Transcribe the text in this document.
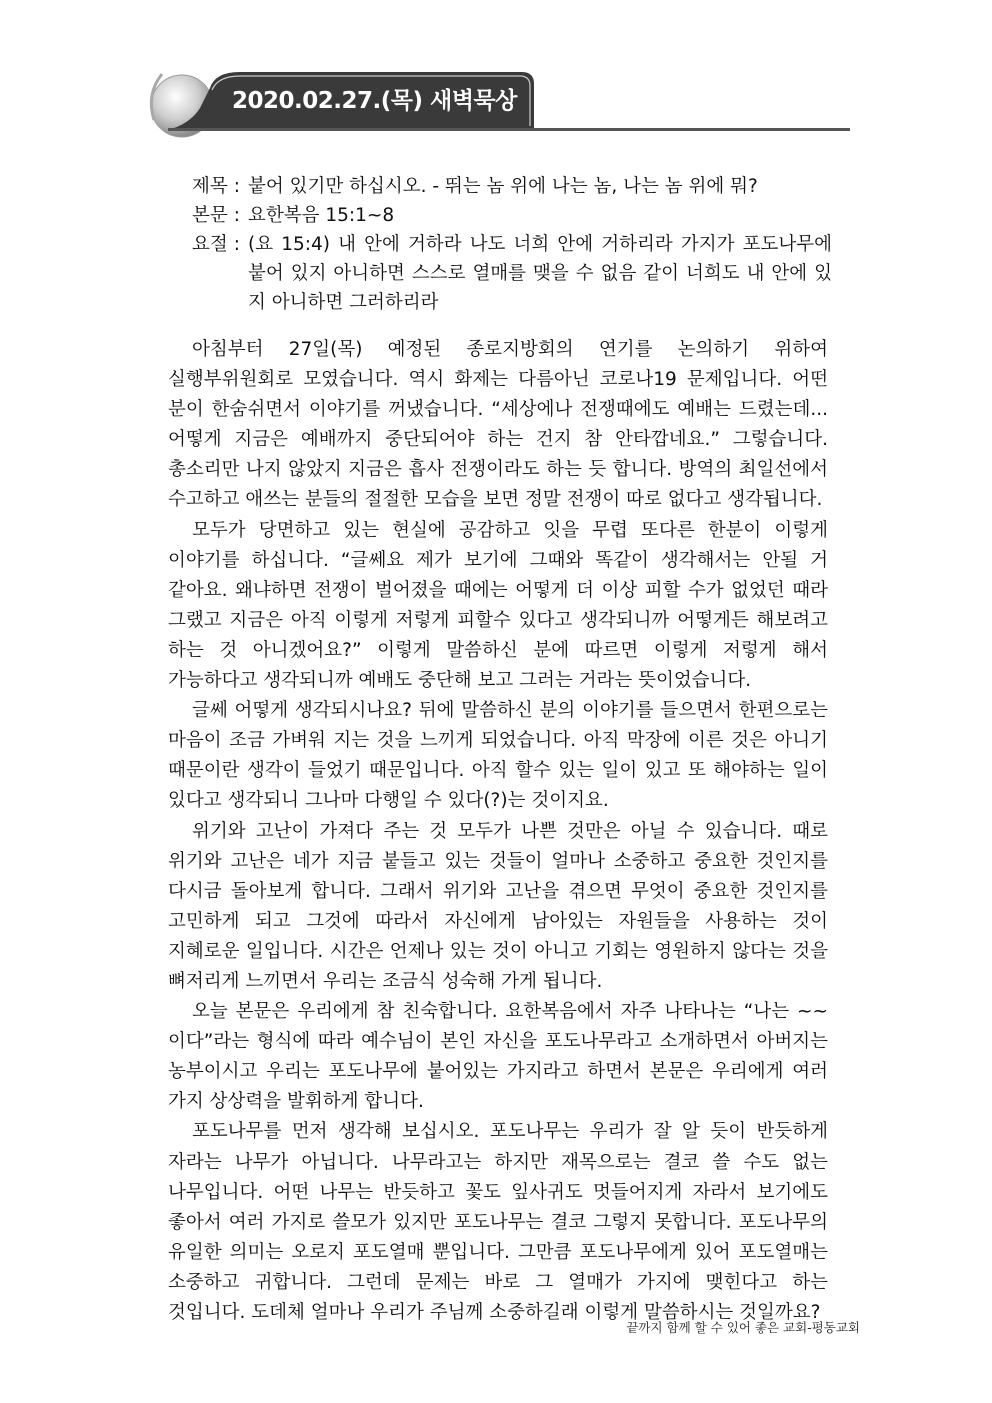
2020.02.27.(목) 새벽묵상
제목 : 붙어 있기만 하십시오. - 뛰는 놈 위에 나는 놈, 나는 놈 위에 뭐?
본문 : 요한복음 15:1~8
요절 : (요 15:4) 내 안에 거하라 나도 너희 안에 거하리라 가지가 포도나무에 붙어 있지 아니하면 스스로 열매를 맺을 수 없음 같이 너희도 내 안에 있지 아니하면 그러하리라

아침부터 27일(목) 예정된 종로지방회의 연기를 논의하기 위하여 실행부위원회로 모였습니다. 역시 화제는 다름아닌 코로나19 문제입니다. 어떤 분이 한숨쉬면서 이야기를 꺼냈습니다. “세상에나 전쟁때에도 예배는 드렸는데... 어떻게 지금은 예배까지 중단되어야 하는 건지 참 안타깝네요.” 그렇습니다. 총소리만 나지 않았지 지금은 흡사 전쟁이라도 하는 듯 합니다. 방역의 최일선에서 수고하고 애쓰는 분들의 절절한 모습을 보면 정말 전쟁이 따로 없다고 생각됩니다.

모두가 당면하고 있는 현실에 공감하고 잇을 무렵 또다른 한분이 이렇게 이야기를 하십니다. “글쎄요 제가 보기에 그때와 똑같이 생각해서는 안될 거 같아요. 왜냐하면 전쟁이 벌어졌을 때에는 어떻게 더 이상 피할 수가 없었던 때라 그랬고 지금은 아직 이렇게 저렇게 피할수 있다고 생각되니까 어떻게든 해보려고 하는 것 아니겠어요?” 이렇게 말씀하신 분에 따르면 이렇게 저렇게 해서 가능하다고 생각되니까 예배도 중단해 보고 그러는 거라는 뜻이었습니다.

글쎄 어떻게 생각되시나요? 뒤에 말씀하신 분의 이야기를 들으면서 한편으로는 마음이 조금 가벼워 지는 것을 느끼게 되었습니다. 아직 막장에 이른 것은 아니기 때문이란 생각이 들었기 때문입니다. 아직 할수 있는 일이 있고 또 해야하는 일이 있다고 생각되니 그나마 다행일 수 있다(?)는 것이지요.

위기와 고난이 가져다 주는 것 모두가 나쁜 것만은 아닐 수 있습니다. 때로 위기와 고난은 네가 지금 붙들고 있는 것들이 얼마나 소중하고 중요한 것인지를 다시금 돌아보게 합니다. 그래서 위기와 고난을 겪으면 무엇이 중요한 것인지를 고민하게 되고 그것에 따라서 자신에게 남아있는 자원들을 사용하는 것이 지혜로운 일입니다. 시간은 언제나 있는 것이 아니고 기회는 영원하지 않다는 것을 뼈저리게 느끼면서 우리는 조금식 성숙해 가게 됩니다.

오늘 본문은 우리에게 참 친숙합니다. 요한복음에서 자주 나타나는 “나는 ~~이다”라는 형식에 따라 예수님이 본인 자신을 포도나무라고 소개하면서 아버지는 농부이시고 우리는 포도나무에 붙어있는 가지라고 하면서 본문은 우리에게 여러 가지 상상력을 발휘하게 합니다.

포도나무를 먼저 생각해 보십시오. 포도나무는 우리가 잘 알 듯이 반듯하게 자라는 나무가 아닙니다. 나무라고는 하지만 재목으로는 결코 쓸 수도 없는 나무입니다. 어떤 나무는 반듯하고 꽃도 잎사귀도 멋들어지게 자라서 보기에도 좋아서 여러 가지로 쓸모가 있지만 포도나무는 결코 그렇지 못합니다. 포도나무의 유일한 의미는 오로지 포도열매 뿐입니다. 그만큼 포도나무에게 있어 포도열매는 소중하고 귀합니다. 그런데 문제는 바로 그 열매가 가지에 맺힌다고 하는 것입니다. 도데체 얼마나 우리가 주님께 소중하길래 이렇게 말씀하시는 것일까요?

끝까지 함께 할 수 있어 좋은 교회-평동교회
